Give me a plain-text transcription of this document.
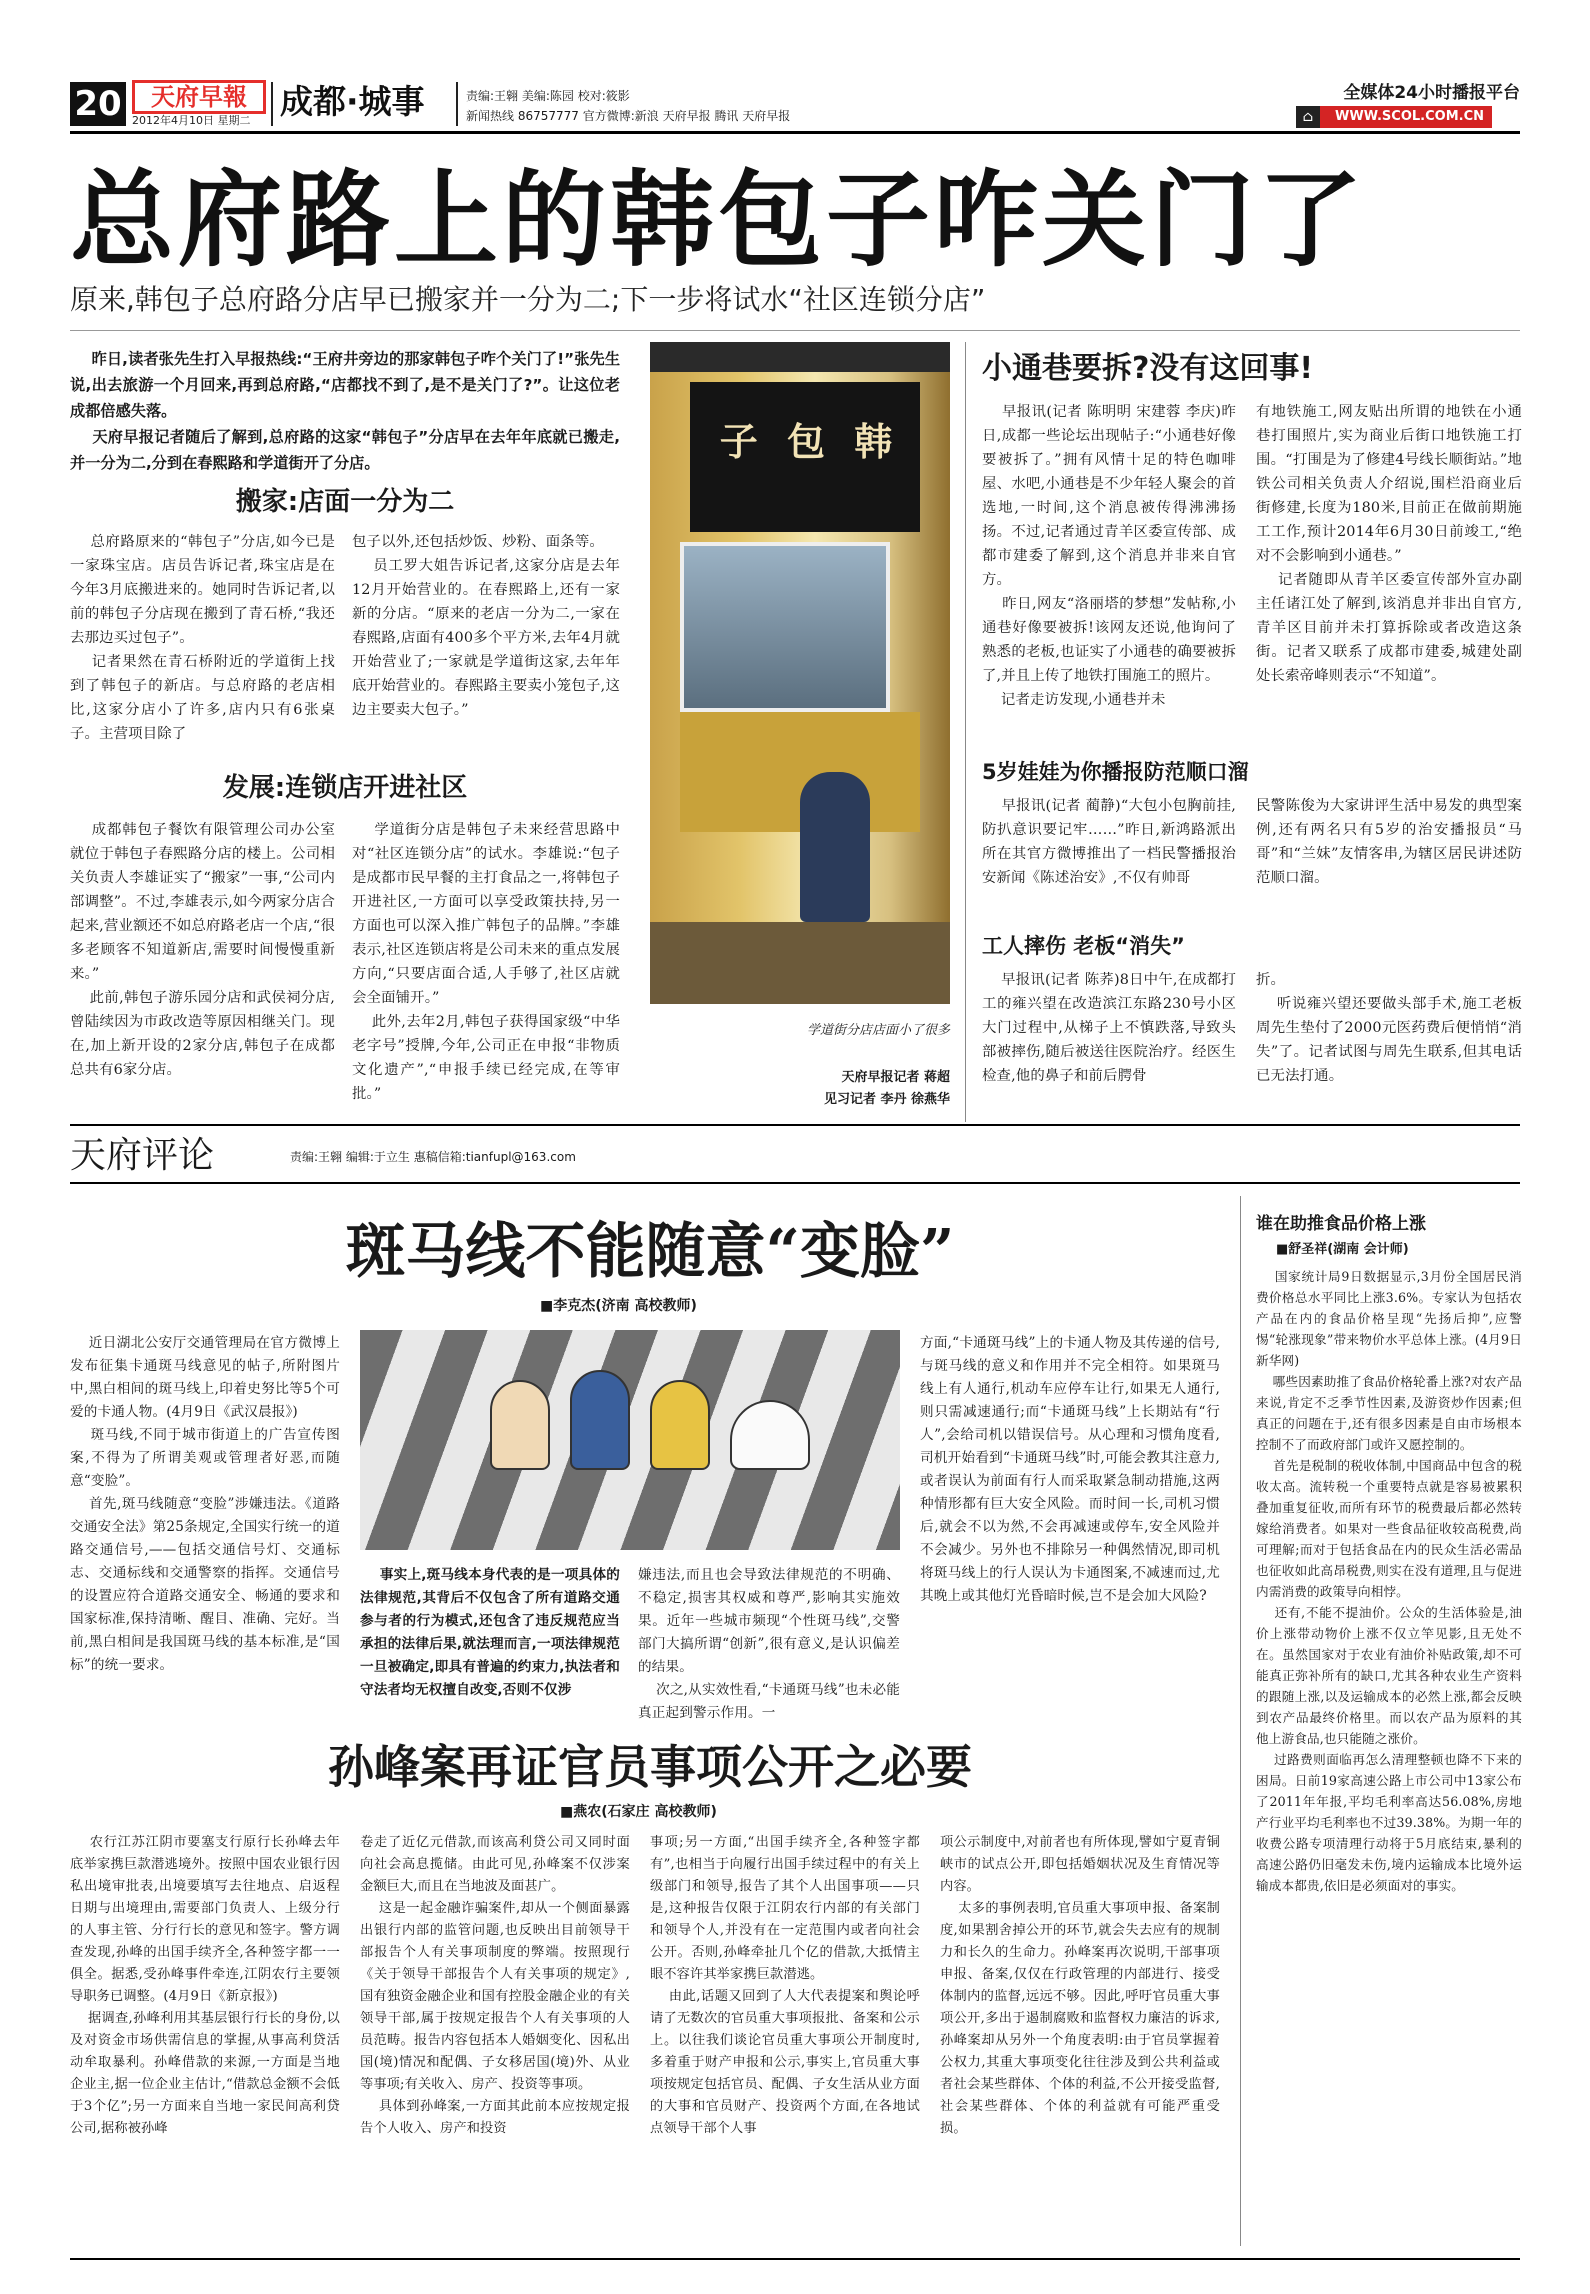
20	天府早報
2012年4月10日 星期二 成都·城事	责编:王翱 美编:陈园 校对:筱影
新闻热线 86757777 官方微博:新浪 天府早报 腾讯 天府早报
全媒体24小时播报平台
WWW.SCOL.COM.CN
⌂
总府路上的韩包子咋关门了
原来,韩包子总府路分店早已搬家并一分为二;下一步将试水“社区连锁分店”
昨日,读者张先生打入早报热线:“王府井旁边的那家韩包子咋个关门了!”张先生说,出去旅游一个月回来,再到总府路,“店都找不到了,是不是关门了?”。让这位老成都倍感失落。
天府早报记者随后了解到,总府路的这家“韩包子”分店早在去年年底就已搬走,并一分为二,分到在春熙路和学道街开了分店。
搬家:店面一分为二
总府路原来的“韩包子”分店,如今已是一家珠宝店。店员告诉记者,珠宝店是在今年3月底搬进来的。她同时告诉记者,以前的韩包子分店现在搬到了青石桥,“我还去那边买过包子”。
记者果然在青石桥附近的学道街上找到了韩包子的新店。与总府路的老店相比,这家分店小了许多,店内只有6张桌子。主营项目除了
包子以外,还包括炒饭、炒粉、面条等。
员工罗大姐告诉记者,这家分店是去年12月开始营业的。在春熙路上,还有一家新的分店。“原来的老店一分为二,一家在春熙路,店面有400多个平方米,去年4月就开始营业了;一家就是学道街这家,去年年底开始营业的。春熙路主要卖小笼包子,这边主要卖大包子。”
发展:连锁店开进社区
成都韩包子餐饮有限管理公司办公室就位于韩包子春熙路分店的楼上。公司相关负责人李雄证实了“搬家”一事,“公司内部调整”。不过,李雄表示,如今两家分店合起来,营业额还不如总府路老店一个店,“很多老顾客不知道新店,需要时间慢慢重新来。”
此前,韩包子游乐园分店和武侯祠分店,曾陆续因为市政改造等原因相继关门。现在,加上新开设的2家分店,韩包子在成都总共有6家分店。
学道街分店是韩包子未来经营思路中对“社区连锁分店”的试水。李雄说:“包子是成都市民早餐的主打食品之一,将韩包子开进社区,一方面可以享受政策扶持,另一方面也可以深入推广韩包子的品牌。”李雄表示,社区连锁店将是公司未来的重点发展方向,“只要店面合适,人手够了,社区店就会全面铺开。”
此外,去年2月,韩包子获得国家级“中华老字号”授牌,今年,公司正在申报“非物质文化遗产”,“申报手续已经完成,在等审批。”
子 包 韩
学道街分店店面小了很多
天府早报记者 蒋超
见习记者 李丹 徐燕华
小通巷要拆?没有这回事!
早报讯(记者 陈明明 宋建蓉 李庆)昨日,成都一些论坛出现帖子:“小通巷好像要被拆了。”拥有风情十足的特色咖啡屋、水吧,小通巷是不少年轻人聚会的首选地,一时间,这个消息被传得沸沸扬扬。不过,记者通过青羊区委宣传部、成都市建委了解到,这个消息并非来自官方。
昨日,网友“洛丽塔的梦想”发帖称,小通巷好像要被拆!该网友还说,他询问了熟悉的老板,也证实了小通巷的确要被拆了,并且上传了地铁打围施工的照片。
记者走访发现,小通巷并未
有地铁施工,网友贴出所谓的地铁在小通巷打围照片,实为商业后街口地铁施工打围。“打围是为了修建4号线长顺街站。”地铁公司相关负责人介绍说,围栏沿商业后街修建,长度为180米,目前正在做前期施工工作,预计2014年6月30日前竣工,“绝对不会影响到小通巷。”
记者随即从青羊区委宣传部外宣办副主任诸江处了解到,该消息并非出自官方,青羊区目前并未打算拆除或者改造这条街。记者又联系了成都市建委,城建处副处长索帝峰则表示“不知道”。
5岁娃娃为你播报防范顺口溜
早报讯(记者 蔺静)“大包小包胸前挂,防扒意识要记牢……”昨日,新鸿路派出所在其官方微博推出了一档民警播报治安新闻《陈述治安》,不仅有帅哥
民警陈俊为大家讲评生活中易发的典型案例,还有两名只有5岁的治安播报员“马哥”和“兰妹”友情客串,为辖区居民讲述防范顺口溜。
工人摔伤 老板“消失”
早报讯(记者 陈荞)8日中午,在成都打工的雍兴望在改造滨江东路230号小区大门过程中,从梯子上不慎跌落,导致头部被摔伤,随后被送往医院治疗。经医生检查,他的鼻子和前后腭骨
折。
听说雍兴望还要做头部手术,施工老板周先生垫付了2000元医药费后便悄悄“消失”了。记者试图与周先生联系,但其电话已无法打通。
天府评论	责编:王翱 编辑:于立生 惠稿信箱:tianfupl@163.com
斑马线不能随意“变脸”
■李克杰(济南 高校教师)
近日湖北公安厅交通管理局在官方微博上发布征集卡通斑马线意见的帖子,所附图片中,黑白相间的斑马线上,印着史努比等5个可爱的卡通人物。(4月9日《武汉晨报》)
斑马线,不同于城市街道上的广告宣传图案,不得为了所谓美观或管理者好恶,而随意“变脸”。
首先,斑马线随意“变脸”涉嫌违法。《道路交通安全法》第25条规定,全国实行统一的道路交通信号,——包括交通信号灯、交通标志、交通标线和交通警察的指挥。交通信号的设置应符合道路交通安全、畅通的要求和国家标准,保持清晰、醒目、准确、完好。当前,黑白相间是我国斑马线的基本标准,是“国标”的统一要求。
事实上,斑马线本身代表的是一项具体的法律规范,其背后不仅包含了所有道路交通参与者的行为模式,还包含了违反规范应当承担的法律后果,就法理而言,一项法律规范一旦被确定,即具有普遍的约束力,执法者和守法者均无权擅自改变,否则不仅涉
嫌违法,而且也会导致法律规范的不明确、不稳定,损害其权威和尊严,影响其实施效果。近年一些城市频现“个性斑马线”,交警部门大搞所谓“创新”,很有意义,是认识偏差的结果。
次之,从实效性看,“卡通斑马线”也未必能真正起到警示作用。一
方面,“卡通斑马线”上的卡通人物及其传递的信号,与斑马线的意义和作用并不完全相符。如果斑马线上有人通行,机动车应停车让行,如果无人通行,则只需减速通行;而“卡通斑马线”上长期站有“行人”,会给司机以错误信号。从心理和习惯角度看,司机开始看到“卡通斑马线”时,可能会教其注意力,或者误认为前面有行人而采取紧急制动措施,这两种情形都有巨大安全风险。而时间一长,司机习惯后,就会不以为然,不会再减速或停车,安全风险并不会减少。另外也不排除另一种偶然情况,即司机将斑马线上的行人误认为卡通图案,不减速而过,尤其晚上或其他灯光昏暗时候,岂不是会加大风险?
孙峰案再证官员事项公开之必要
■燕农(石家庄 高校教师)
农行江苏江阴市要塞支行原行长孙峰去年底举家携巨款潜逃境外。按照中国农业银行因私出境审批表,出境要填写去往地点、启返程日期与出境理由,需要部门负责人、上级分行的人事主管、分行行长的意见和签字。警方调查发现,孙峰的出国手续齐全,各种签字都一一俱全。据悉,受孙峰事件牵连,江阴农行主要领导职务已调整。(4月9日《新京报》)
据调查,孙峰利用其基层银行行长的身份,以及对资金市场供需信息的掌握,从事高利贷活动牟取暴利。孙峰借款的来源,一方面是当地企业主,据一位企业主估计,“借款总金额不会低于3个亿”;另一方面来自当地一家民间高利贷公司,据称被孙峰
卷走了近亿元借款,而该高利贷公司又同时面向社会高息揽储。由此可见,孙峰案不仅涉案金额巨大,而且在当地波及面甚广。
这是一起金融诈骗案件,却从一个侧面暴露出银行内部的监管问题,也反映出目前领导干部报告个人有关事项制度的弊端。按照现行《关于领导干部报告个人有关事项的规定》,国有独资金融企业和国有控股金融企业的有关领导干部,属于按规定报告个人有关事项的人员范畴。报告内容包括本人婚姻变化、因私出国(境)情况和配偶、子女移居国(境)外、从业等事项;有关收入、房产、投资等事项。
具体到孙峰案,一方面其此前本应按规定报告个人收入、房产和投资
事项;另一方面,“出国手续齐全,各种签字都有”,也相当于向履行出国手续过程中的有关上级部门和领导,报告了其个人出国事项——只是,这种报告仅限于江阴农行内部的有关部门和领导个人,并没有在一定范围内或者向社会公开。否则,孙峰牵扯几个亿的借款,大抵情主眼不容许其举家携巨款潜逃。
由此,话题又回到了人大代表提案和舆论呼请了无数次的官员重大事项报批、备案和公示上。以往我们谈论官员重大事项公开制度时,多着重于财产申报和公示,事实上,官员重大事项按规定包括官员、配偶、子女生活从业方面的大事和官员财产、投资两个方面,在各地试点领导干部个人事
项公示制度中,对前者也有所体现,譬如宁夏青铜峡市的试点公开,即包括婚姻状况及生育情况等内容。
太多的事例表明,官员重大事项申报、备案制度,如果割舍掉公开的环节,就会失去应有的规制力和长久的生命力。孙峰案再次说明,干部事项申报、备案,仅仅在行政管理的内部进行、接受体制内的监督,远远不够。因此,呼吁官员重大事项公开,多出于遏制腐败和监督权力廉洁的诉求,孙峰案却从另外一个角度表明:由于官员掌握着公权力,其重大事项变化往往涉及到公共利益或者社会某些群体、个体的利益,不公开接受监督,社会某些群体、个体的利益就有可能严重受损。
谁在助推食品价格上涨
■舒圣祥(湖南 会计师)
国家统计局9日数据显示,3月份全国居民消费价格总水平同比上涨3.6%。专家认为包括农产品在内的食品价格呈现“先扬后抑”,应警惕“轮涨现象”带来物价水平总体上涨。(4月9日新华网)
哪些因素助推了食品价格轮番上涨?对农产品来说,肯定不乏季节性因素,及游资炒作因素;但真正的问题在于,还有很多因素是自由市场根本控制不了而政府部门或许又愿控制的。
首先是税制的税收体制,中国商品中包含的税收太高。流转税一个重要特点就是容易被累积叠加重复征收,而所有环节的税费最后都必然转嫁给消费者。如果对一些食品征收较高税费,尚可理解;而对于包括食品在内的民众生活必需品也征收如此高昂税费,则实在没有道理,且与促进内需消费的政策导向相悖。
还有,不能不提油价。公众的生活体验是,油价上涨带动物价上涨不仅立竿见影,且无处不在。虽然国家对于农业有油价补贴政策,却不可能真正弥补所有的缺口,尤其各种农业生产资料的跟随上涨,以及运输成本的必然上涨,都会反映到农产品最终价格里。而以农产品为原料的其他上游食品,也只能随之涨价。
过路费则面临再怎么清理整顿也降不下来的困局。日前19家高速公路上市公司中13家公布了2011年年报,平均毛利率高达56.08%,房地产行业平均毛利率也不过39.38%。为期一年的收费公路专项清理行动将于5月底结束,暴利的高速公路仍旧毫发未伤,境内运输成本比境外运输成本都贵,依旧是必须面对的事实。
